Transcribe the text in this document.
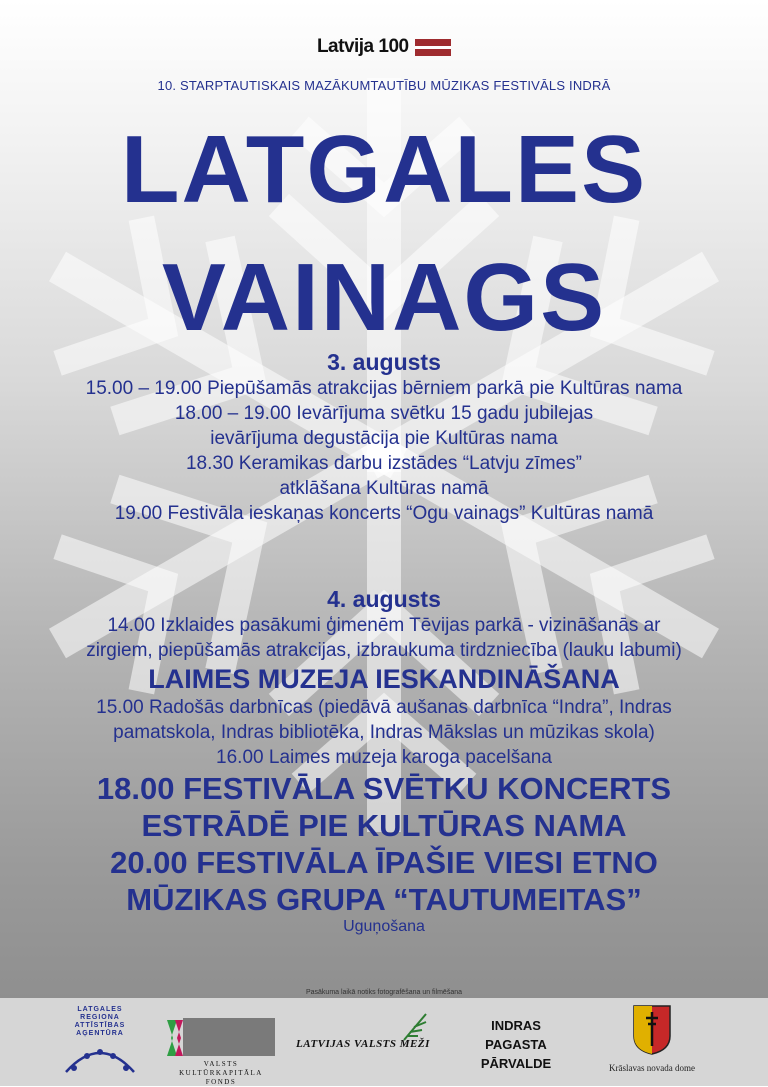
Latvija 100
10. STARPTAUTISKAIS MAZĀKUMTAUTĪBU MŪZIKAS FESTIVĀLS INDRĀ
LATGALES
VAINAGS
3. augusts
15.00 – 19.00 Piepūšamās atrakcijas bērniem parkā pie Kultūras nama
18.00 – 19.00 Ievārījuma svētku 15 gadu jubilejas
ievārījuma degustācija pie Kultūras nama
18.30 Keramikas darbu izstādes “Latvju zīmes”
atklāšana Kultūras namā
19.00 Festivāla ieskaņas koncerts “Ogu vainags” Kultūras namā
4. augusts
14.00 Izklaides pasākumi ģimenēm Tēvijas parkā - vizināšanās ar
zirgiem, piepūšamās atrakcijas, izbraukuma tirdzniecība (lauku labumi)
LAIMES MUZEJA IESKANDINĀŠANA
15.00 Radošās darbnīcas (piedāvā aušanas darbnīca “Indra”, Indras
pamatskola, Indras bibliotēka, Indras Mākslas un mūzikas skola)
16.00 Laimes muzeja karoga pacelšana
18.00 FESTIVĀLA SVĒTKU KONCERTS
ESTRĀDĒ PIE KULTŪRAS NAMA
20.00 FESTIVĀLA ĪPAŠIE VIESI ETNO
MŪZIKAS GRUPA “TAUTUMEITAS”
Uguņošana
Pasākuma laikā notiks fotografēšana un filmēšana
LATGALES
REGIONA
ATTĪSTĪBAS
AĢENTŪRA
VALSTS
KULTŪRKAPITĀLA FONDS
LATVIJAS VALSTS MEŽI
INDRAS
PAGASTA
PĀRVALDE	Krāslavas novada dome
